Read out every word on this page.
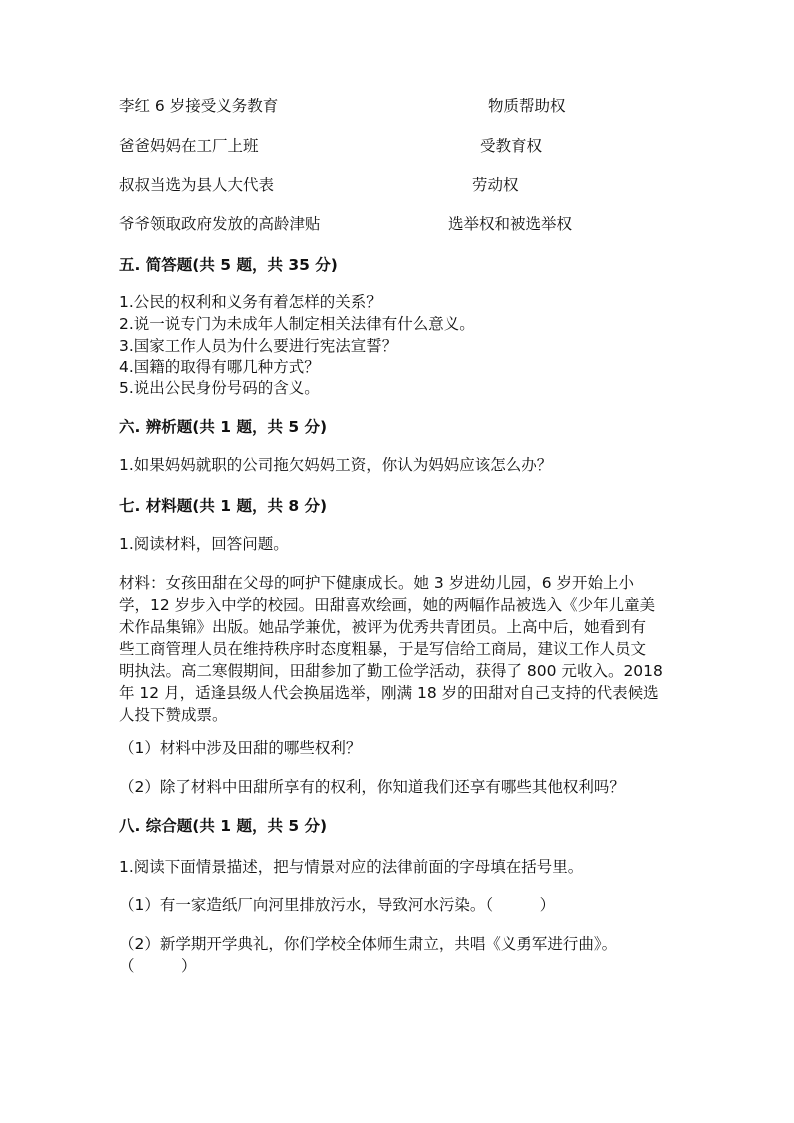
李红 6 岁接受义务教育	物质帮助权
爸爸妈妈在工厂上班	受教育权
叔叔当选为县人大代表	劳动权
爷爷领取政府发放的高龄津贴	选举权和被选举权
五. 简答题(共 5 题，共 35 分)
1.公民的权利和义务有着怎样的关系？
2.说一说专门为未成年人制定相关法律有什么意义。
3.国家工作人员为什么要进行宪法宣誓？
4.国籍的取得有哪几种方式？
5.说出公民身份号码的含义。
六. 辨析题(共 1 题，共 5 分)
1.如果妈妈就职的公司拖欠妈妈工资，你认为妈妈应该怎么办？
七. 材料题(共 1 题，共 8 分)
1.阅读材料，回答问题。
材料：女孩田甜在父母的呵护下健康成长。她 3 岁进幼儿园，6 岁开始上小
学，12 岁步入中学的校园。田甜喜欢绘画，她的两幅作品被选入《少年儿童美
术作品集锦》出版。她品学兼优，被评为优秀共青团员。上高中后，她看到有
些工商管理人员在维持秩序时态度粗暴，于是写信给工商局，建议工作人员文
明执法。高二寒假期间，田甜参加了勤工俭学活动，获得了 800 元收入。2018
年 12 月，适逢县级人代会换届选举，刚满 18 岁的田甜对自己支持的代表候选
人投下赞成票。
（1）材料中涉及田甜的哪些权利？
（2）除了材料中田甜所享有的权利，你知道我们还享有哪些其他权利吗？
八. 综合题(共 1 题，共 5 分)
1.阅读下面情景描述，把与情景对应的法律前面的字母填在括号里。
（1）有一家造纸厂向河里排放污水，导致河水污染。（　　　）
（2）新学期开学典礼，你们学校全体师生肃立，共唱《义勇军进行曲》。
（　　　）
